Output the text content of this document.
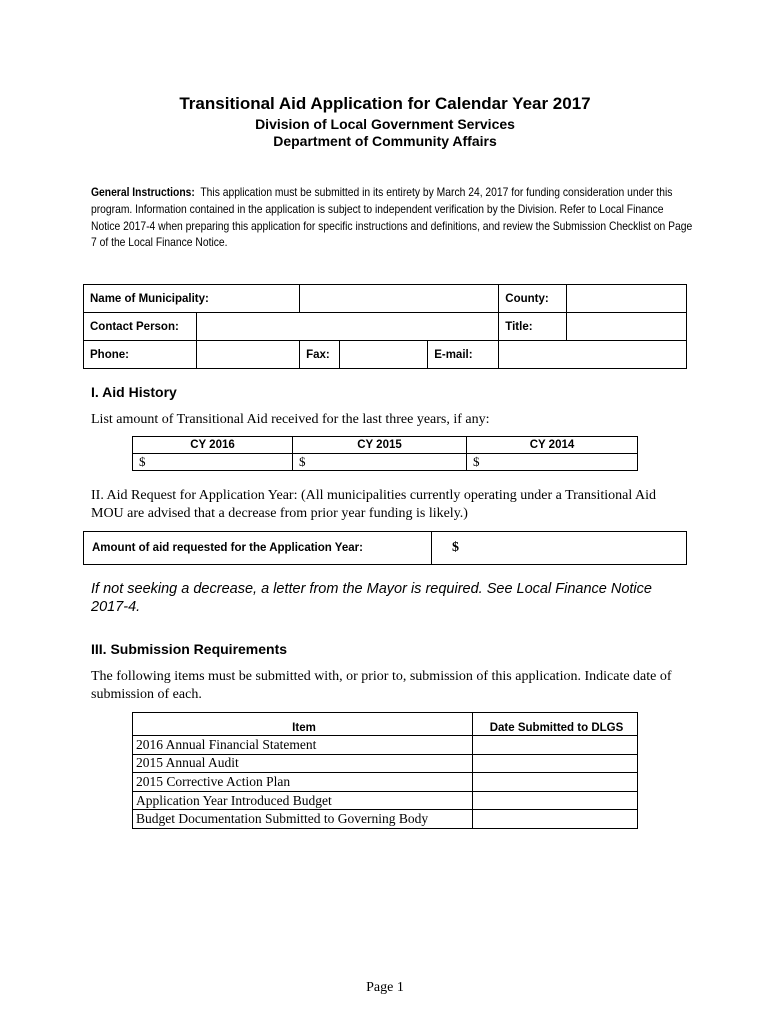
Transitional Aid Application for Calendar Year 2017
Division of Local Government Services
Department of Community Affairs
General Instructions: This application must be submitted in its entirety by March 24, 2017 for funding consideration under this program. Information contained in the application is subject to independent verification by the Division. Refer to Local Finance Notice 2017-4 when preparing this application for specific instructions and definitions, and review the Submission Checklist on Page 7 of the Local Finance Notice.
Name of Municipality:					County:	
Contact Person:					Title:	
Phone:		Fax:		E-mail:		
I. Aid History
List amount of Transitional Aid received for the last three years, if any:
CY 2016	CY 2015	CY 2014
$	$	$
II. Aid Request for Application Year: (All municipalities currently operating under a Transitional Aid MOU are advised that a decrease from prior year funding is likely.)
Amount of aid requested for the Application Year:	$
If not seeking a decrease, a letter from the Mayor is required. See Local Finance Notice 2017-4.
III. Submission Requirements
The following items must be submitted with, or prior to, submission of this application. Indicate date of submission of each.
Item	Date Submitted to DLGS
2016 Annual Financial Statement	
2015 Annual Audit	
2015 Corrective Action Plan	
Application Year Introduced Budget	
Budget Documentation Submitted to Governing Body	
Page 1
